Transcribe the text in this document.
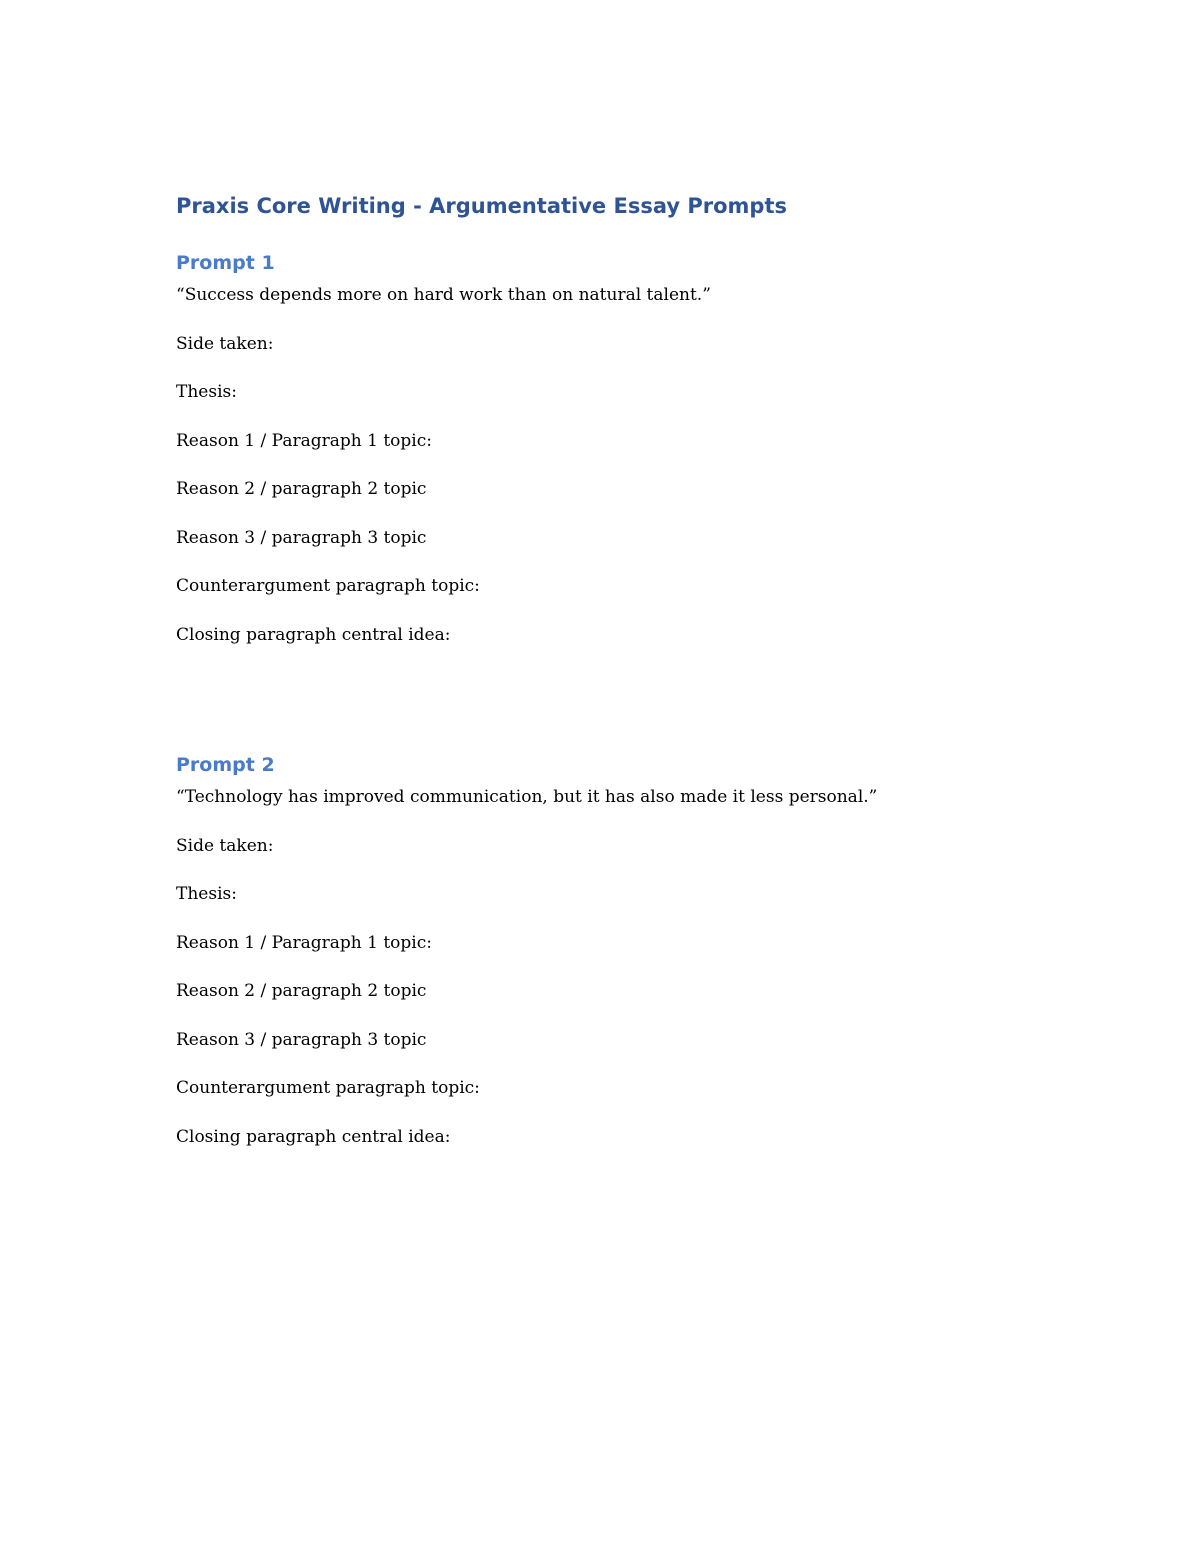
Praxis Core Writing - Argumentative Essay Prompts
Prompt 1

“Success depends more on hard work than on natural talent.”

Side taken:
Thesis:
Reason 1 / Paragraph 1 topic:
Reason 2 / paragraph 2 topic
Reason 3 / paragraph 3 topic
Counterargument paragraph topic:
Closing paragraph central idea:
Prompt 2

“Technology has improved communication, but it has also made it less personal.”

Side taken:
Thesis:
Reason 1 / Paragraph 1 topic:
Reason 2 / paragraph 2 topic
Reason 3 / paragraph 3 topic
Counterargument paragraph topic:
Closing paragraph central idea:
